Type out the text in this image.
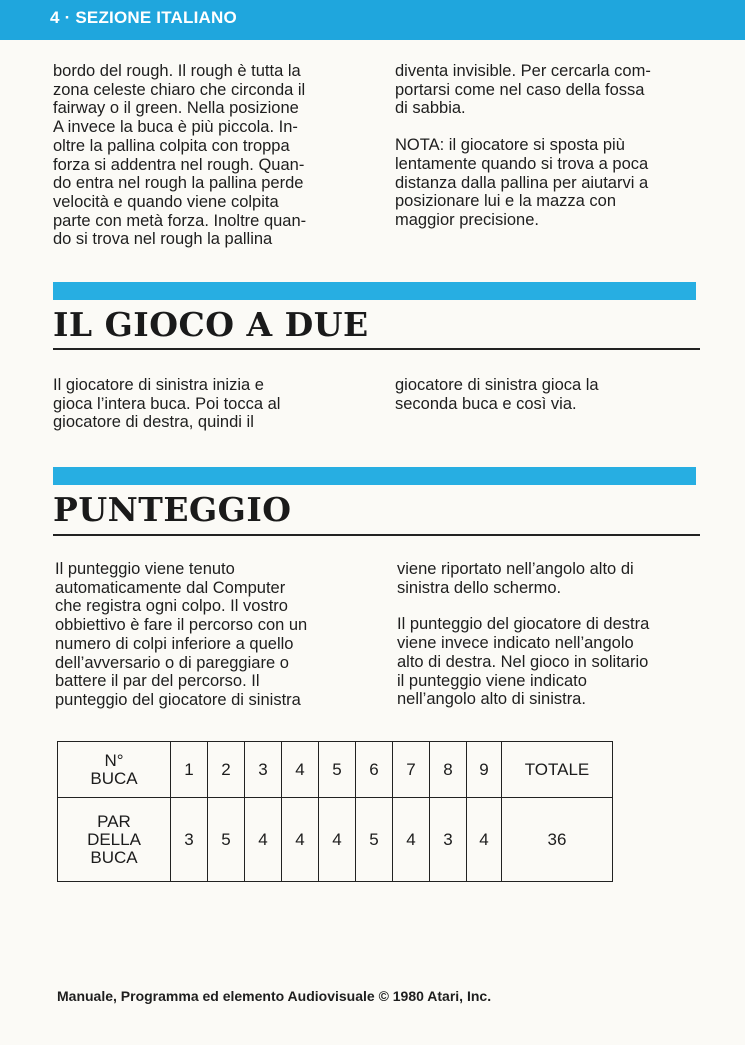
4 · SEZIONE ITALIANO

bordo del rough. Il rough è tutta la
zona celeste chiaro che circonda il
fairway o il green. Nella posizione
A invece la buca è più piccola. In-
oltre la pallina colpita con troppa
forza si addentra nel rough. Quan-
do entra nel rough la pallina perde
velocità e quando viene colpita
parte con metà forza. Inoltre quan-
do si trova nel rough la pallina

diventa invisible. Per cercarla com-
portarsi come nel caso della fossa
di sabbia.

NOTA: il giocatore si sposta più
lentamente quando si trova a poca
distanza dalla pallina per aiutarvi a
posizionare lui e la mazza con
maggior precisione.

IL GIOCO A DUE

Il giocatore di sinistra inizia e
gioca l’intera buca. Poi tocca al
giocatore di destra, quindi il

giocatore di sinistra gioca la
seconda buca e così via.

PUNTEGGIO

Il punteggio viene tenuto
automaticamente dal Computer
che registra ogni colpo. Il vostro
obbiettivo è fare il percorso con un
numero di colpi inferiore a quello
dell’avversario o di pareggiare o
battere il par del percorso. Il
punteggio del giocatore di sinistra

viene riportato nell’angolo alto di
sinistra dello schermo.

Il punteggio del giocatore di destra
viene invece indicato nell’angolo
alto di destra. Nel gioco in solitario
il punteggio viene indicato
nell’angolo alto di sinistra.

N°
BUCA	1	2	3	4	5	6	7	8	9	TOTALE
PAR
DELLA
BUCA	3	5	4	4	4	5	4	3	4	36
Manuale, Programma ed elemento Audiovisuale © 1980 Atari, Inc.
